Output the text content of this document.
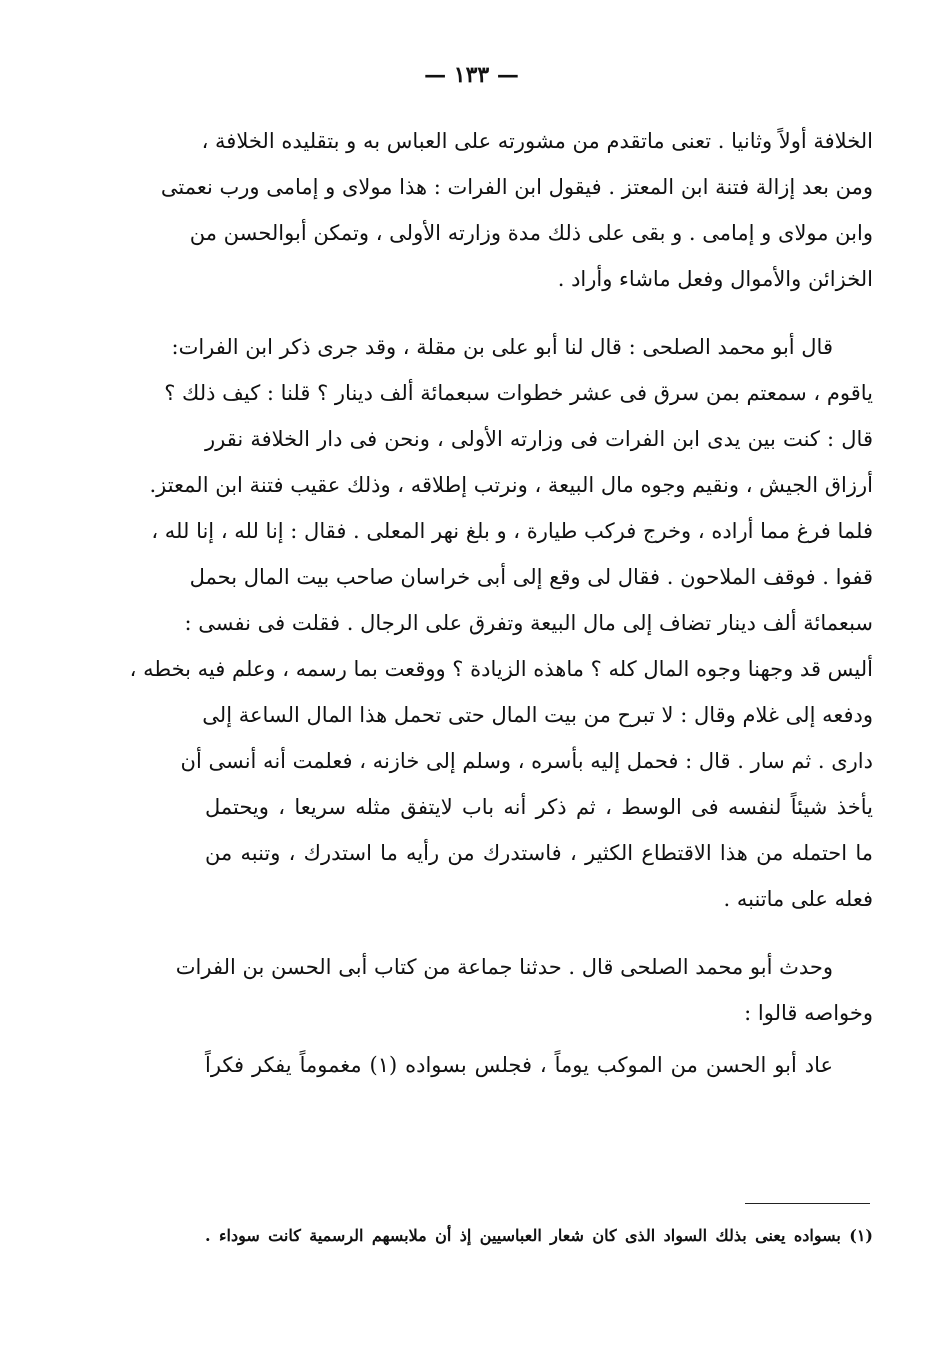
— ١٣٣ —
الخلافة أولاً وثانيا . تعنى ماتقدم من مشورته على العباس به و بتقليده الخلافة ،
ومن بعد إزالة فتنة ابن المعتز . فيقول ابن الفرات : هذا مولاى و إمامى ورب نعمتى
وابن مولاى و إمامى . و بقى على ذلك مدة وزارته الأولى ، وتمكن أبوالحسن من
الخزائن والأموال وفعل ماشاء وأراد .
قال أبو محمد الصلحى : قال لنا أبو على بن مقلة ، وقد جرى ذكر ابن الفرات:
ياقوم ، سمعتم بمن سرق فى عشر خطوات سبعمائة ألف دينار ؟ قلنا : كيف ذلك ؟
قال : كنت بين يدى ابن الفرات فى وزارته الأولى ، ونحن فى دار الخلافة نقرر
أرزاق الجيش ، ونقيم وجوه مال البيعة ، ونرتب إطلاقه ، وذلك عقيب فتنة ابن المعتز.
فلما فرغ مما أراده ، وخرج فركب طيارة ، و بلغ نهر المعلى . فقال : إنا لله ، إنا لله ،
قفوا . فوقف الملاحون . فقال لى وقع إلى أبى خراسان صاحب بيت المال بحمل
سبعمائة ألف دينار تضاف إلى مال البيعة وتفرق على الرجال . فقلت فى نفسى :
أليس قد وجهنا وجوه المال كله ؟ ماهذه الزيادة ؟ ووقعت بما رسمه ، وعلم فيه بخطه ،
ودفعه إلى غلام وقال : لا تبرح من بيت المال حتى تحمل هذا المال الساعة إلى
دارى . ثم سار . قال : فحمل إليه بأسره ، وسلم إلى خازنه ، فعلمت أنه أنسى أن
يأخذ شيئاً لنفسه فى الوسط ، ثم ذكر أنه باب لايتفق مثله سريعا ، ويحتمل
ما احتمله من هذا الاقتطاع الكثير ، فاستدرك من رأيه ما استدرك ، وتنبه من
فعله على ماتنبه .
وحدث أبو محمد الصلحى قال . حدثنا جماعة من كتاب أبى الحسن بن الفرات
وخواصه قالوا :
عاد أبو الحسن من الموكب يوماً ، فجلس بسواده (١) مغموماً يفكر فكراً
(١) بسواده يعنى بذلك السواد الذى كان شعار العباسيين إذ أن ملابسهم الرسمية كانت سوداء .
